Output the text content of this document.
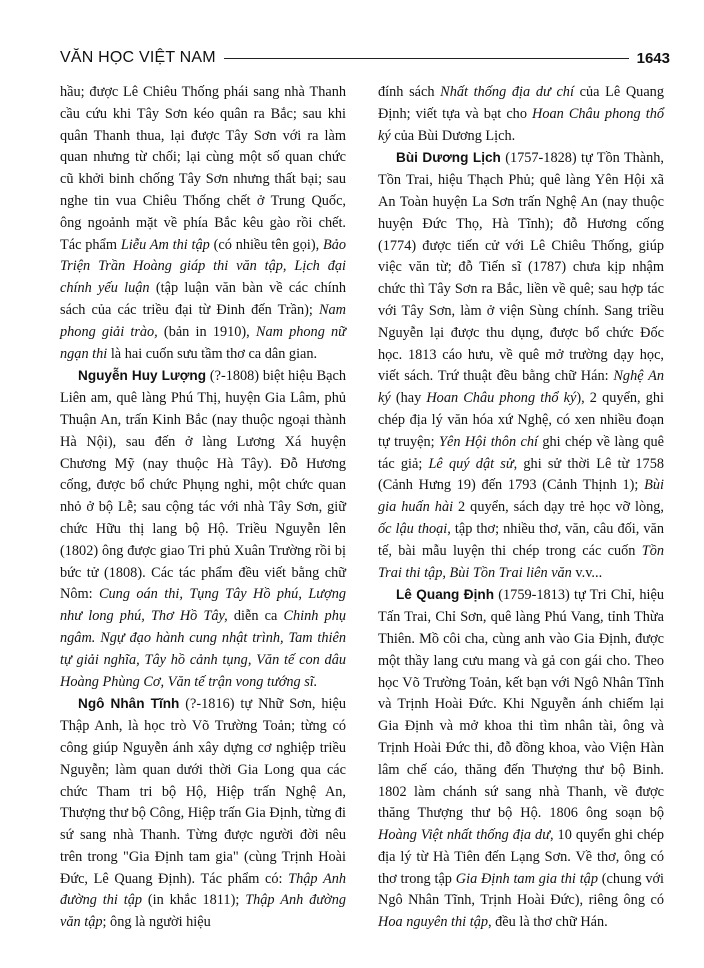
VĂN HỌC VIỆT NAM	1643

hầu; được Lê Chiêu Thống phái sang nhà Thanh cầu cứu khi Tây Sơn kéo quân ra Bắc; sau khi quân Thanh thua, lại được Tây Sơn với ra làm quan nhưng từ chối; lại cùng một số quan chức cũ khởi binh chống Tây Sơn nhưng thất bại; sau nghe tin vua Chiêu Thống chết ở Trung Quốc, ông ngoảnh mặt về phía Bắc kêu gào rồi chết. Tác phẩm Liễu Am thi tập (có nhiều tên gọi), Bảo Triện Trần Hoàng giáp thi văn tập, Lịch đại chính yếu luận (tập luận văn bàn về các chính sách của các triều đại từ Đinh đến Trần); Nam phong giải trào, (bản in 1910), Nam phong nữ ngạn thi là hai cuốn sưu tầm thơ ca dân gian.

Nguyễn Huy Lượng (?-1808) biệt hiệu Bạch Liên am, quê làng Phú Thị, huyện Gia Lâm, phủ Thuận An, trấn Kinh Bắc (nay thuộc ngoại thành Hà Nội), sau đến ở làng Lương Xá huyện Chương Mỹ (nay thuộc Hà Tây). Đỗ Hương cống, được bổ chức Phụng nghi, một chức quan nhỏ ở bộ Lễ; sau cộng tác với nhà Tây Sơn, giữ chức Hữu thị lang bộ Hộ. Triều Nguyễn lên (1802) ông được giao Tri phủ Xuân Trường rồi bị bức tử (1808). Các tác phẩm đều viết bằng chữ Nôm: Cung oán thi, Tụng Tây Hồ phú, Lượng như long phú, Thơ Hồ Tây, diễn ca Chinh phụ ngâm. Ngự đạo hành cung nhật trình, Tam thiên tự giải nghĩa, Tây hồ cảnh tụng, Văn tế con dâu Hoàng Phùng Cơ, Văn tế trận vong tướng sĩ.

Ngô Nhân Tĩnh (?-1816) tự Nhữ Sơn, hiệu Thập Anh, là học trò Võ Trường Toản; từng có công giúp Nguyễn ánh xây dựng cơ nghiệp triều Nguyễn; làm quan dưới thời Gia Long qua các chức Tham tri bộ Hộ, Hiệp trấn Nghệ An, Thượng thư bộ Công, Hiệp trấn Gia Định, từng đi sứ sang nhà Thanh. Từng được người đời nêu trên trong "Gia Định tam gia" (cùng Trịnh Hoài Đức, Lê Quang Định). Tác phẩm có: Thập Anh đường thi tập (in khắc 1811); Thập Anh đường văn tập; ông là người hiệu

đính sách Nhất thống địa dư chí của Lê Quang Định; viết tựa và bạt cho Hoan Châu phong thổ ký của Bùi Dương Lịch.

Bùi Dương Lịch (1757-1828) tự Tồn Thành, Tồn Trai, hiệu Thạch Phủ; quê làng Yên Hội xã An Toàn huyện La Sơn trấn Nghệ An (nay thuộc huyện Đức Thọ, Hà Tĩnh); đỗ Hương cống (1774) được tiến cử với Lê Chiêu Thống, giúp việc văn từ; đỗ Tiến sĩ (1787) chưa kịp nhậm chức thì Tây Sơn ra Bắc, liền về quê; sau hợp tác với Tây Sơn, làm ở viện Sùng chính. Sang triều Nguyễn lại được thu dụng, được bổ chức Đốc học. 1813 cáo hưu, về quê mở trường dạy học, viết sách. Trứ thuật đều bằng chữ Hán: Nghệ An ký (hay Hoan Châu phong thổ ký), 2 quyển, ghi chép địa lý văn hóa xứ Nghệ, có xen nhiều đoạn tự truyện; Yên Hội thôn chí ghi chép về làng quê tác giả; Lê quý dật sử, ghi sử thời Lê từ 1758 (Cảnh Hưng 19) đến 1793 (Cảnh Thịnh 1); Bùi gia huấn hài 2 quyển, sách dạy trẻ học vỡ lòng, ốc lậu thoại, tập thơ; nhiều thơ, văn, câu đối, văn tế, bài mẫu luyện thi chép trong các cuốn Tồn Trai thi tập, Bùi Tồn Trai liên văn v.v...

Lê Quang Định (1759-1813) tự Tri Chỉ, hiệu Tấn Trai, Chỉ Sơn, quê làng Phú Vang, tỉnh Thừa Thiên. Mồ côi cha, cùng anh vào Gia Định, được một thầy lang cưu mang và gả con gái cho. Theo học Võ Trường Toản, kết bạn với Ngô Nhân Tĩnh và Trịnh Hoài Đức. Khi Nguyễn ánh chiếm lại Gia Định và mở khoa thi tìm nhân tài, ông và Trịnh Hoài Đức thi, đỗ đồng khoa, vào Viện Hàn lâm chế cáo, thăng đến Thượng thư bộ Binh. 1802 làm chánh sứ sang nhà Thanh, về được thăng Thượng thư bộ Hộ. 1806 ông soạn bộ Hoàng Việt nhất thống địa dư, 10 quyển ghi chép địa lý từ Hà Tiên đến Lạng Sơn. Về thơ, ông có thơ trong tập Gia Định tam gia thi tập (chung với Ngô Nhân Tĩnh, Trịnh Hoài Đức), riêng ông có Hoa nguyên thi tập, đều là thơ chữ Hán.
